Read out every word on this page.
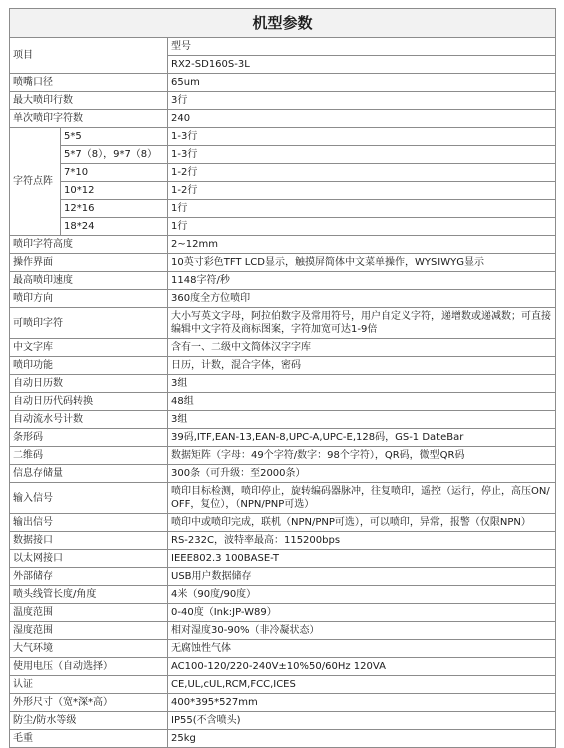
机型参数		
项目		型号
		RX2-SD160S-3L
喷嘴口径		65um
最大喷印行数		3行
单次喷印字符数		240
字符点阵	5*5	1-3行
	5*7（8），9*7（8）	1-3行
	7*10	1-2行
	10*12	1-2行
	12*16	1行
	18*24	1行
喷印字符高度		2~12mm
操作界面		10英寸彩色TFT LCD显示，触摸屏简体中文菜单操作，WYSIWYG显示
最高喷印速度		1148字符/秒
喷印方向		360度全方位喷印
可喷印字符		大小写英文字母，阿拉伯数字及常用符号，用户自定义字符，递增数或递减数；可直接编辑中文字符及商标图案，字符加宽可达1-9倍
中文字库		含有一、二级中文简体汉字字库
喷印功能		日历，计数，混合字体，密码
自动日历数		3组
自动日历代码转换		48组
自动流水号计数		3组
条形码		39码,ITF,EAN-13,EAN-8,UPC-A,UPC-E,128码，GS-1 DateBar
二维码		数据矩阵（字母：49个字符/数字：98个字符），QR码，微型QR码
信息存储量		300条（可升级：至2000条）
输入信号		喷印目标检测，喷印停止，旋转编码器脉冲，往复喷印，遥控（运行，停止，高压ON/OFF，复位），（NPN/PNP可选）
输出信号		喷印中或喷印完成，联机（NPN/PNP可选），可以喷印，异常，报警（仅限NPN）
数据接口		RS-232C，波特率最高：115200bps
以太网接口		IEEE802.3 100BASE-T
外部储存		USB用户数据储存
喷头线管长度/角度		4米（90度/90度）
温度范围		0-40度（Ink:JP-W89）
湿度范围		相对湿度30-90%（非冷凝状态）
大气环境		无腐蚀性气体
使用电压（自动选择）		AC100-120/220-240V±10%50/60Hz 120VA
认证		CE,UL,cUL,RCM,FCC,ICES
外形尺寸（宽*深*高）		400*395*527mm
防尘/防水等级		IP55(不含喷头)
毛重		25kg
